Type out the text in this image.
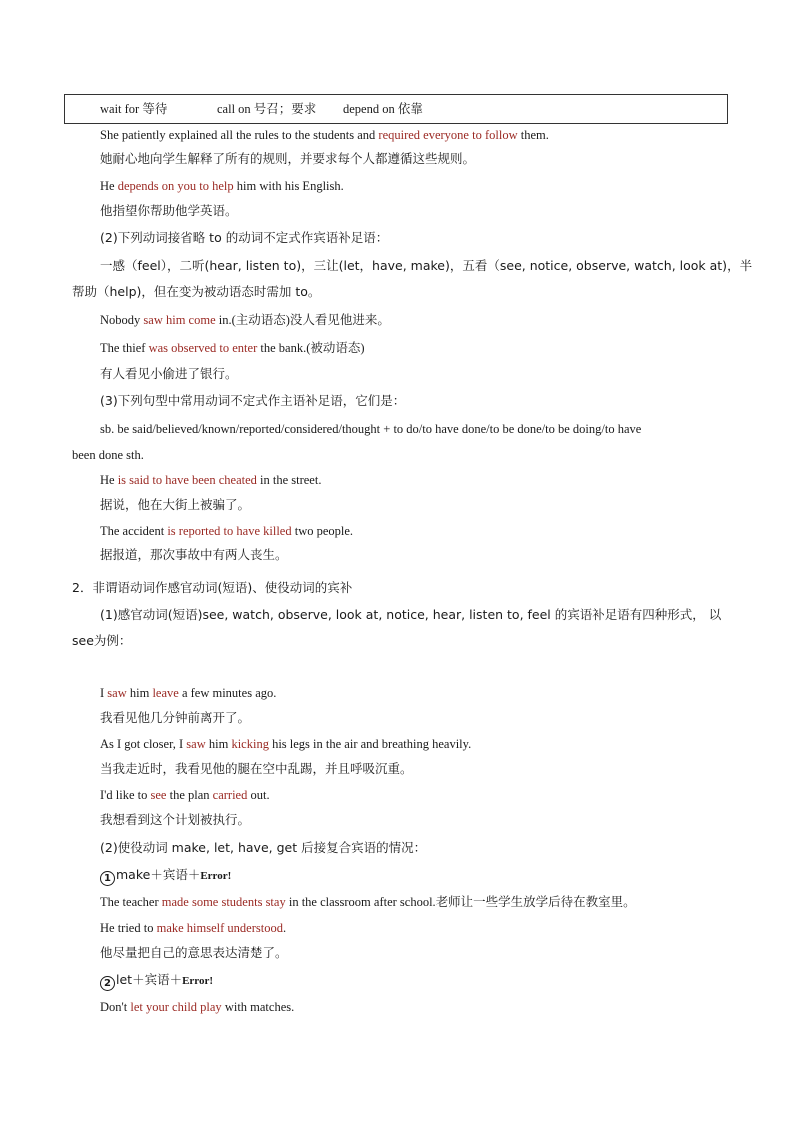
wait for 等待	call on 号召；要求 depend on 依靠
She patiently explained all the rules to the students and required everyone to follow them.
她耐心地向学生解释了所有的规则，并要求每个人都遵循这些规则。
He depends on you to help him with his English.
他指望你帮助他学英语。
(2)下列动词接省略 to 的动词不定式作宾语补足语：
一感（feel），二听(hear, listen to)，三让(let，have, make)，五看（see, notice, observe, watch, look at)，半
帮助（help)，但在变为被动语态时需加 to。
Nobody saw him come in.(主动语态)没人看见他进来。
The thief was observed to enter the bank.(被动语态)
有人看见小偷进了银行。
(3)下列句型中常用动词不定式作主语补足语，它们是：
sb. be said/believed/known/reported/considered/thought + to do/to have done/to be done/to be doing/to have
been done sth.
He is said to have been cheated in the street.
据说，他在大街上被骗了。
The accident is reported to have killed two people.
据报道，那次事故中有两人丧生。
2．非谓语动词作感官动词(短语)、使役动词的宾补
(1)感官动词(短语)see, watch, observe, look at, notice, hear, listen to, feel 的宾语补足语有四种形式， 以
see为例：
I saw him leave a few minutes ago.
我看见他几分钟前离开了。
As I got closer, I saw him kicking his legs in the air and breathing heavily.
当我走近时，我看见他的腿在空中乱踢，并且呼吸沉重。
I'd like to see the plan carried out.
我想看到这个计划被执行。
(2)使役动词 make, let, have, get 后接复合宾语的情况：
1 make＋宾语＋Error!
The teacher made some students stay in the classroom after school.老师让一些学生放学后待在教室里。
He tried to make himself understood.
他尽量把自己的意思表达清楚了。
2 let＋宾语＋Error!
Don't let your child play with matches.
